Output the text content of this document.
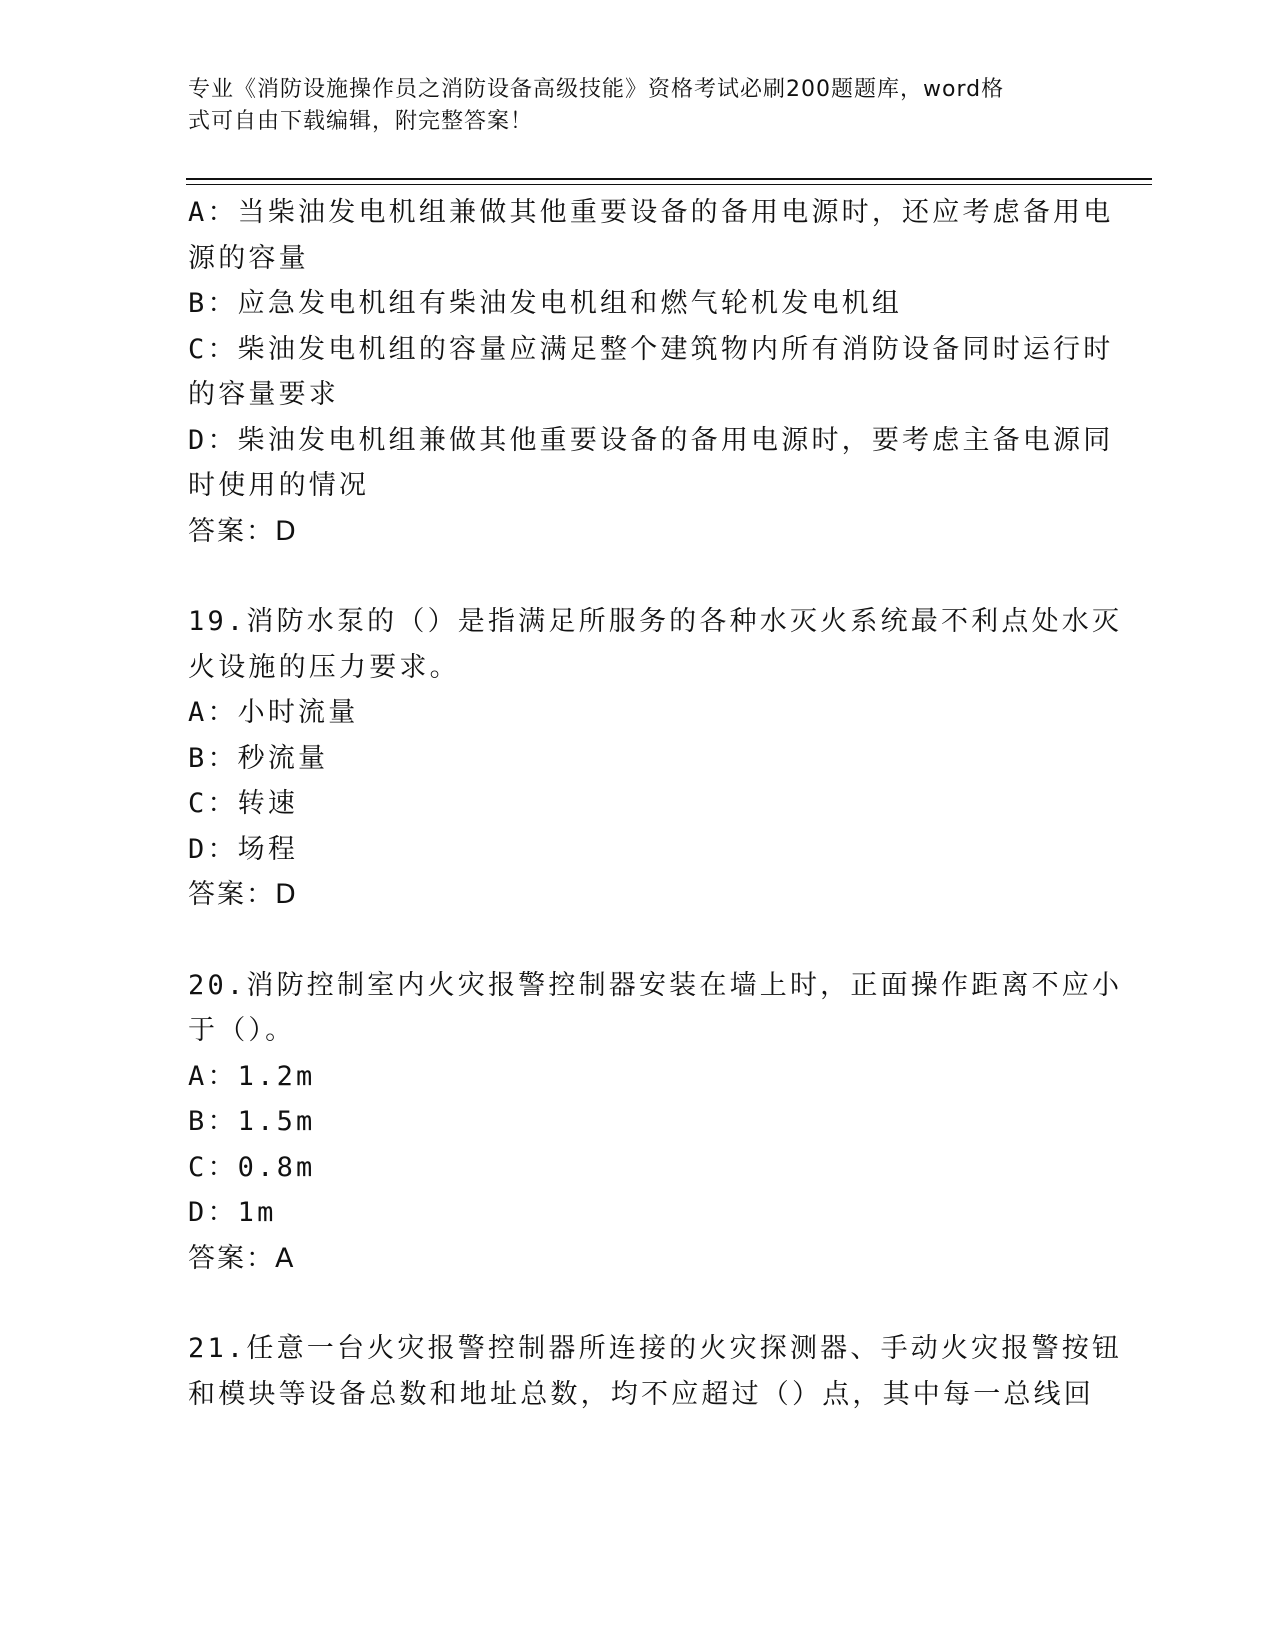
专业《消防设施操作员之消防设备高级技能》资格考试必刷200题题库，word格
式可自由下载编辑，附完整答案！
A：当柴油发电机组兼做其他重要设备的备用电源时，还应考虑备用电
源的容量
B：应急发电机组有柴油发电机组和燃气轮机发电机组
C：柴油发电机组的容量应满足整个建筑物内所有消防设备同时运行时
的容量要求
D：柴油发电机组兼做其他重要设备的备用电源时，要考虑主备电源同
时使用的情况
答案：D
19.消防水泵的（）是指满足所服务的各种水灭火系统最不利点处水灭
火设施的压力要求。
A：小时流量
B：秒流量
C：转速
D：场程
答案：D
20.消防控制室内火灾报警控制器安装在墙上时，正面操作距离不应小
于（）。
A：1.2m
B：1.5m
C：0.8m
D：1m
答案：A
21.任意一台火灾报警控制器所连接的火灾探测器、手动火灾报警按钮
和模块等设备总数和地址总数，均不应超过（）点，其中每一总线回
